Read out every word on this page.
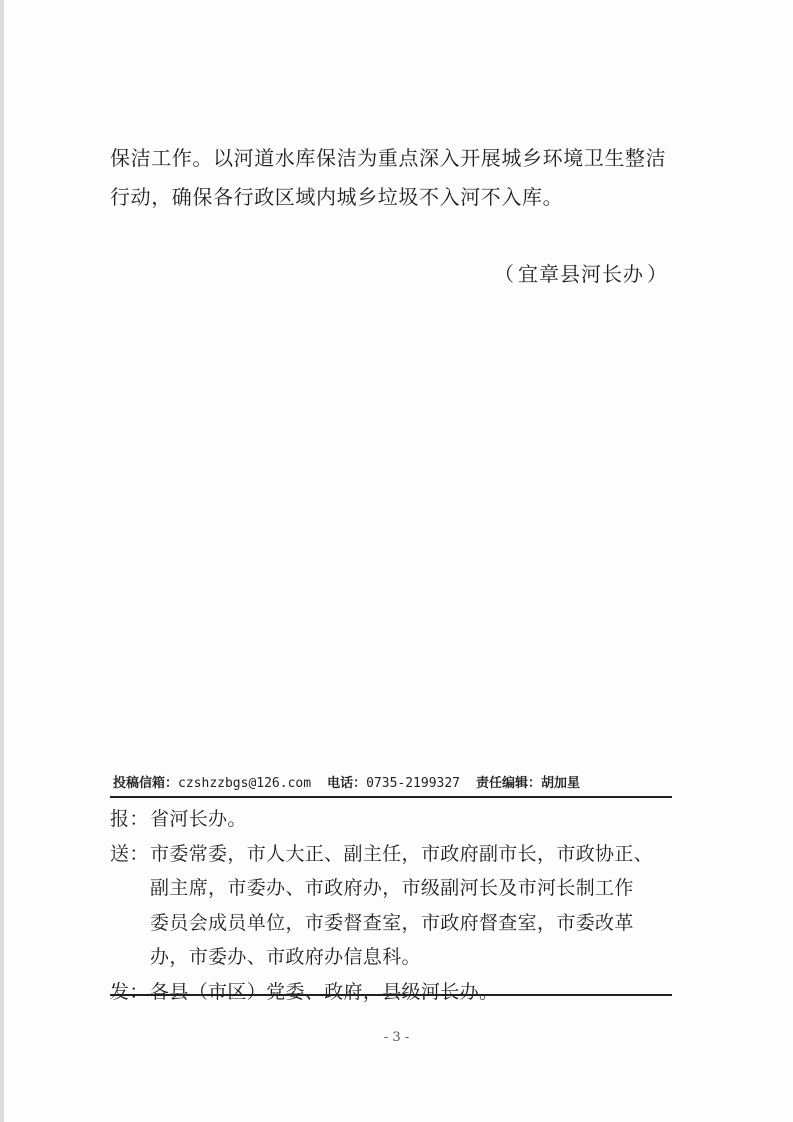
保洁工作。以河道水库保洁为重点深入开展城乡环境卫生整洁

行动，确保各行政区域内城乡垃圾不入河不入库。

（ 宜章县河长办 ）

投稿信箱：czshzzbgs@126.com 电话：0735-2199327 责任编辑：胡加星
报：省河长办。
送：市委常委，市人大正、副主任，市政府副市长，市政协正、
副主席，市委办、市政府办，市级副河长及市河长制工作
委员会成员单位，市委督查室，市政府督查室，市委改革
办，市委办、市政府办信息科。
发：各县（市区）党委、政府，县级河长办。
- 3 -
